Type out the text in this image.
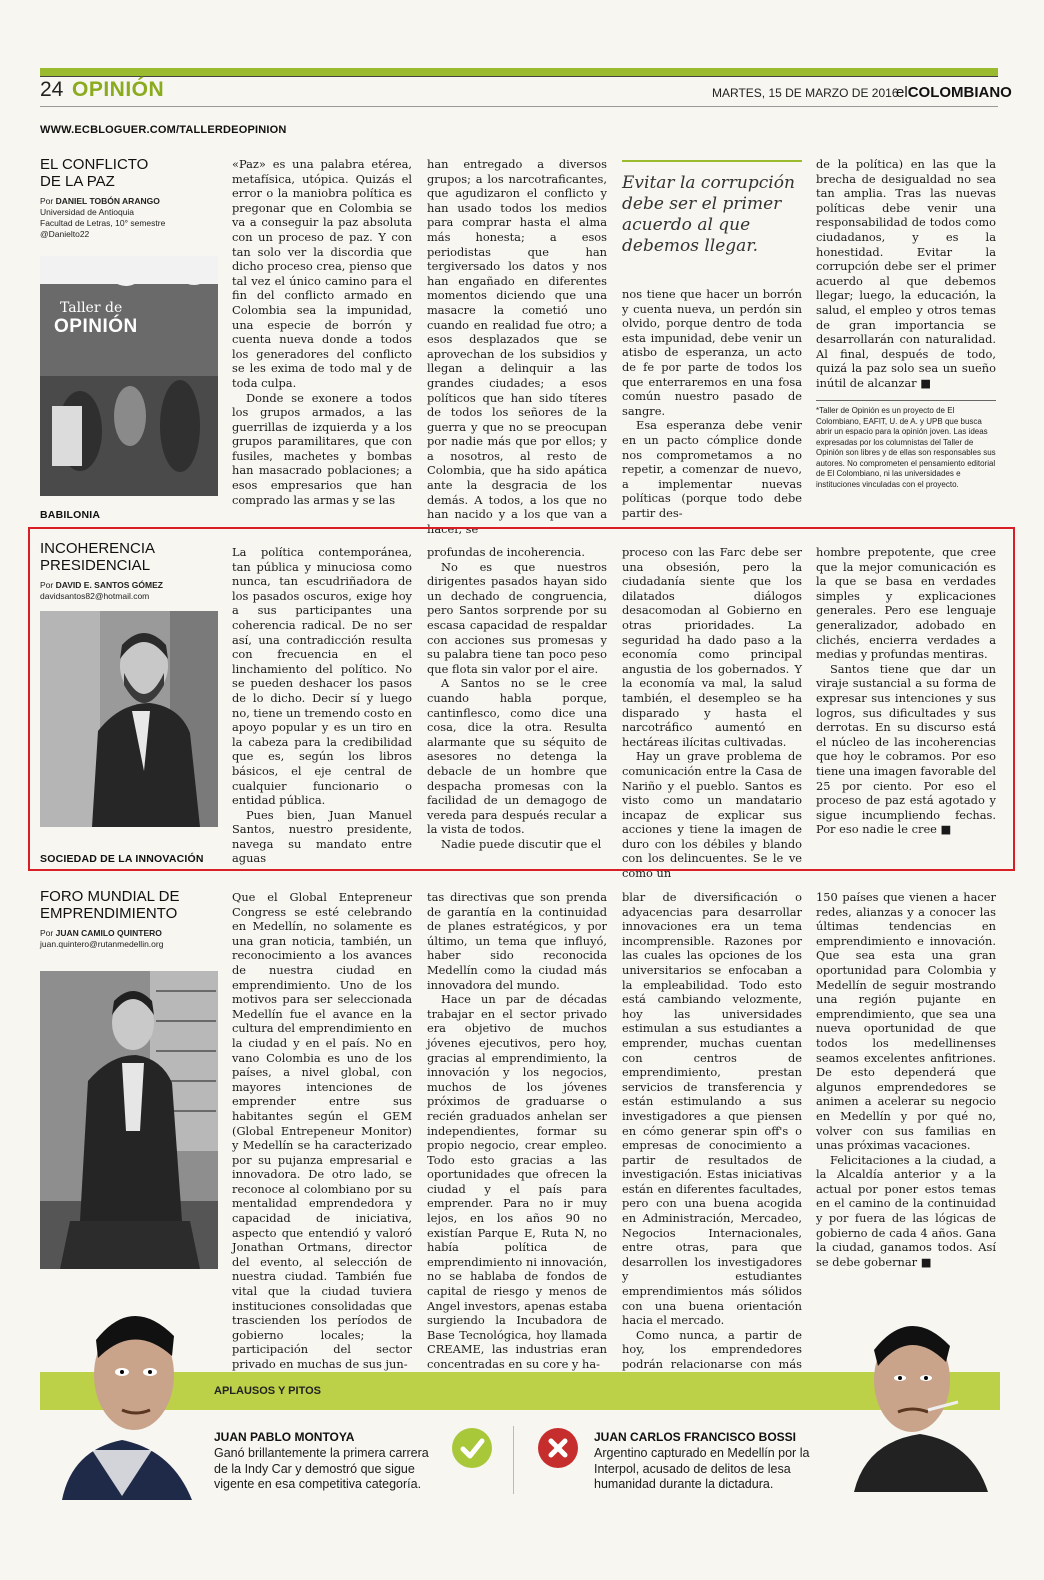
24 OPINIÓN	MARTES, 15 DE MARZO DE 2016
elCOLOMBIANO
WWW.ECBLOGUER.COM/TALLERDEOPINION
EL CONFLICTO
DE LA PAZ
Por DANIEL TOBÓN ARANGO
Universidad de Antioquia
Facultad de Letras, 10° semestre
@Danielto22
Taller de
OPINIÓN
BABILONIA

«Paz» es una palabra etérea, metafísica, utópica. Quizás el error o la maniobra política es pregonar que en Colombia se va a conseguir la paz absoluta con un proceso de paz. Y con tan solo ver la discordia que dicho proceso crea, pienso que tal vez el único camino para el fin del conflicto armado en Colombia sea la impunidad, una especie de borrón y cuenta nueva donde a todos los generadores del conflicto se les exima de todo mal y de toda culpa.

Donde se exonere a todos los grupos armados, a las guerrillas de izquierda y a los grupos paramilitares, que con fusiles, machetes y bombas han masacrado poblaciones; a esos empresarios que han comprado las armas y se las

han entregado a diversos grupos; a los narcotraficantes, que agudizaron el conflicto y han usado todos los medios para comprar hasta el alma más honesta; a esos periodistas que han tergiversado los datos y nos han engañado en diferentes momentos diciendo que una masacre la cometió uno cuando en realidad fue otro; a esos desplazados que se aprovechan de los subsidios y llegan a delinquir a las grandes ciudades; a esos políticos que han sido títeres de todos los señores de la guerra y que no se preocupan por nadie más que por ellos; y a nosotros, al resto de Colombia, que ha sido apática ante la desgracia de los demás. A todos, a los que no han nacido y a los que van a hacer, se

Evitar la corrupción debe ser el primer acuerdo al que debemos llegar.

nos tiene que hacer un borrón y cuenta nueva, un perdón sin olvido, porque dentro de toda esta impunidad, debe venir un atisbo de esperanza, un acto de fe por parte de todos los que enterraremos en una fosa común nuestro pasado de sangre.

Esa esperanza debe venir en un pacto cómplice donde nos comprometamos a no repetir, a comenzar de nuevo, a implementar nuevas políticas (porque todo debe partir des-

de la política) en las que la brecha de desigualdad no sea tan amplia. Tras las nuevas políticas debe venir una responsabilidad de todos como ciudadanos, y es la honestidad. Evitar la corrupción debe ser el primer acuerdo al que debemos llegar; luego, la educación, la salud, el empleo y otros temas de gran importancia se desarrollarán con naturalidad. Al final, después de todo, quizá la paz solo sea un sueño inútil de alcanzar ■

*Taller de Opinión es un proyecto de El Colombiano, EAFIT, U. de A. y UPB que busca abrir un espacio para la opinión joven. Las ideas expresadas por los columnistas del Taller de Opinión son libres y de ellas son responsables sus autores. No comprometen el pensamiento editorial de El Colombiano, ni las universidades e instituciones vinculadas con el proyecto.
INCOHERENCIA
PRESIDENCIAL
Por DAVID E. SANTOS GÓMEZ
davidsantos82@hotmail.com
SOCIEDAD DE LA INNOVACIÓN

La política contemporánea, tan pública y minuciosa como nunca, tan escudriñadora de los pasados oscuros, exige hoy a sus participantes una coherencia radical. De no ser así, una contradicción resulta con frecuencia en el linchamiento del político. No se pueden deshacer los pasos de lo dicho. Decir sí y luego no, tiene un tremendo costo en apoyo popular y es un tiro en la cabeza para la credibilidad que es, según los libros básicos, el eje central de cualquier funcionario o entidad pública.

Pues bien, Juan Manuel Santos, nuestro presidente, navega su mandato entre aguas

profundas de incoherencia.

No es que nuestros dirigentes pasados hayan sido un dechado de congruencia, pero Santos sorprende por su escasa capacidad de respaldar con acciones sus promesas y su palabra tiene tan poco peso que flota sin valor por el aire.

A Santos no se le cree cuando habla porque, cantinflesco, como dice una cosa, dice la otra. Resulta alarmante que su séquito de asesores no detenga la debacle de un hombre que despacha promesas con la facilidad de un demagogo de vereda para después recular a la vista de todos.

Nadie puede discutir que el

proceso con las Farc debe ser una obsesión, pero la ciudadanía siente que los dilatados diálogos desacomodan al Gobierno en otras prioridades. La seguridad ha dado paso a la economía como principal angustia de los gobernados. Y la economía va mal, la salud también, el desempleo se ha disparado y hasta el narcotráfico aumentó en hectáreas ilícitas cultivadas.

Hay un grave problema de comunicación entre la Casa de Nariño y el pueblo. Santos es visto como un mandatario incapaz de explicar sus acciones y tiene la imagen de duro con los débiles y blando con los delincuentes. Se le ve como un

hombre prepotente, que cree que la mejor comunicación es la que se basa en verdades simples y explicaciones generales. Pero ese lenguaje generalizador, adobado en clichés, encierra verdades a medias y profundas mentiras.

Santos tiene que dar un viraje sustancial a su forma de expresar sus intenciones y sus logros, sus dificultades y sus derrotas. En su discurso está el núcleo de las incoherencias que hoy le cobramos. Por eso tiene una imagen favorable del 25 por ciento. Por eso el proceso de paz está agotado y sigue incumpliendo fechas. Por eso nadie le cree ■

FORO MUNDIAL DE
EMPRENDIMIENTO
Por JUAN CAMILO QUINTERO
juan.quintero@rutanmedellin.org

Que el Global Entepreneur Congress se esté celebrando en Medellín, no solamente es una gran noticia, también, un reconocimiento a los avances de nuestra ciudad en emprendimiento. Uno de los motivos para ser seleccionada Medellín fue el avance en la cultura del emprendimiento en la ciudad y en el país. No en vano Colombia es uno de los países, a nivel global, con mayores intenciones de emprender entre sus habitantes según el GEM (Global Entrepeneur Monitor) y Medellín se ha caracterizado por su pujanza empresarial e innovadora. De otro lado, se reconoce al colombiano por su mentalidad emprendedora y capacidad de iniciativa, aspecto que entendió y valoró Jonathan Ortmans, director del evento, al selección de nuestra ciudad. También fue vital que la ciudad tuviera instituciones consolidadas que trascienden los períodos de gobierno locales; la participación del sector privado en muchas de sus jun-

tas directivas que son prenda de garantía en la continuidad de planes estratégicos, y por último, un tema que influyó, haber sido reconocida Medellín como la ciudad más innovadora del mundo.

Hace un par de décadas trabajar en el sector privado era objetivo de muchos jóvenes ejecutivos, pero hoy, gracias al emprendimiento, la innovación y los negocios, muchos de los jóvenes próximos de graduarse o recién graduados anhelan ser independientes, formar su propio negocio, crear empleo. Todo esto gracias a las oportunidades que ofrecen la ciudad y el país para emprender. Para no ir muy lejos, en los años 90 no existían Parque E, Ruta N, no había política de emprendimiento ni innovación, no se hablaba de fondos de capital de riesgo y menos de Angel investors, apenas estaba surgiendo la Incubadora de Base Tecnológica, hoy llamada CREAME, las industrias eran concentradas en su core y ha-

blar de diversificación o adyacencias para desarrollar innovaciones era un tema incomprensible. Razones por las cuales las opciones de los universitarios se enfocaban a la empleabilidad. Todo esto está cambiando velozmente, hoy las universidades estimulan a sus estudiantes a emprender, muchas cuentan con centros de emprendimiento, prestan servicios de transferencia y están estimulando a sus investigadores a que piensen en cómo generar spin off's o empresas de conocimiento a partir de resultados de investigación. Estas iniciativas están en diferentes facultades, pero con una buena acogida en Administración, Mercadeo, Negocios Internacionales, entre otras, para que desarrollen los investigadores y estudiantes emprendimientos más sólidos con una buena orientación hacia el mercado.

Como nunca, a partir de hoy, los emprendedores podrán relacionarse con más

150 países que vienen a hacer redes, alianzas y a conocer las últimas tendencias en emprendimiento e innovación. Que sea esta una gran oportunidad para Colombia y Medellín de seguir mostrando una región pujante en emprendimiento, que sea una nueva oportunidad de que todos los medellinenses seamos excelentes anfitriones. De esto dependerá que algunos emprendedores se animen a acelerar su negocio en Medellín y por qué no, volver con sus familias en unas próximas vacaciones.

Felicitaciones a la ciudad, a la Alcaldía anterior y a la actual por poner estos temas en el camino de la continuidad y por fuera de las lógicas de gobierno de cada 4 años. Gana la ciudad, ganamos todos. Así se debe gobernar ■

APLAUSOS Y PITOS
JUAN PABLO MONTOYA
Ganó brillantemente la primera carrera de la Indy Car y demostró que sigue vigente en esa competitiva categoría.
JUAN CARLOS FRANCISCO BOSSI
Argentino capturado en Medellín por la Interpol, acusado de delitos de lesa humanidad durante la dictadura.
